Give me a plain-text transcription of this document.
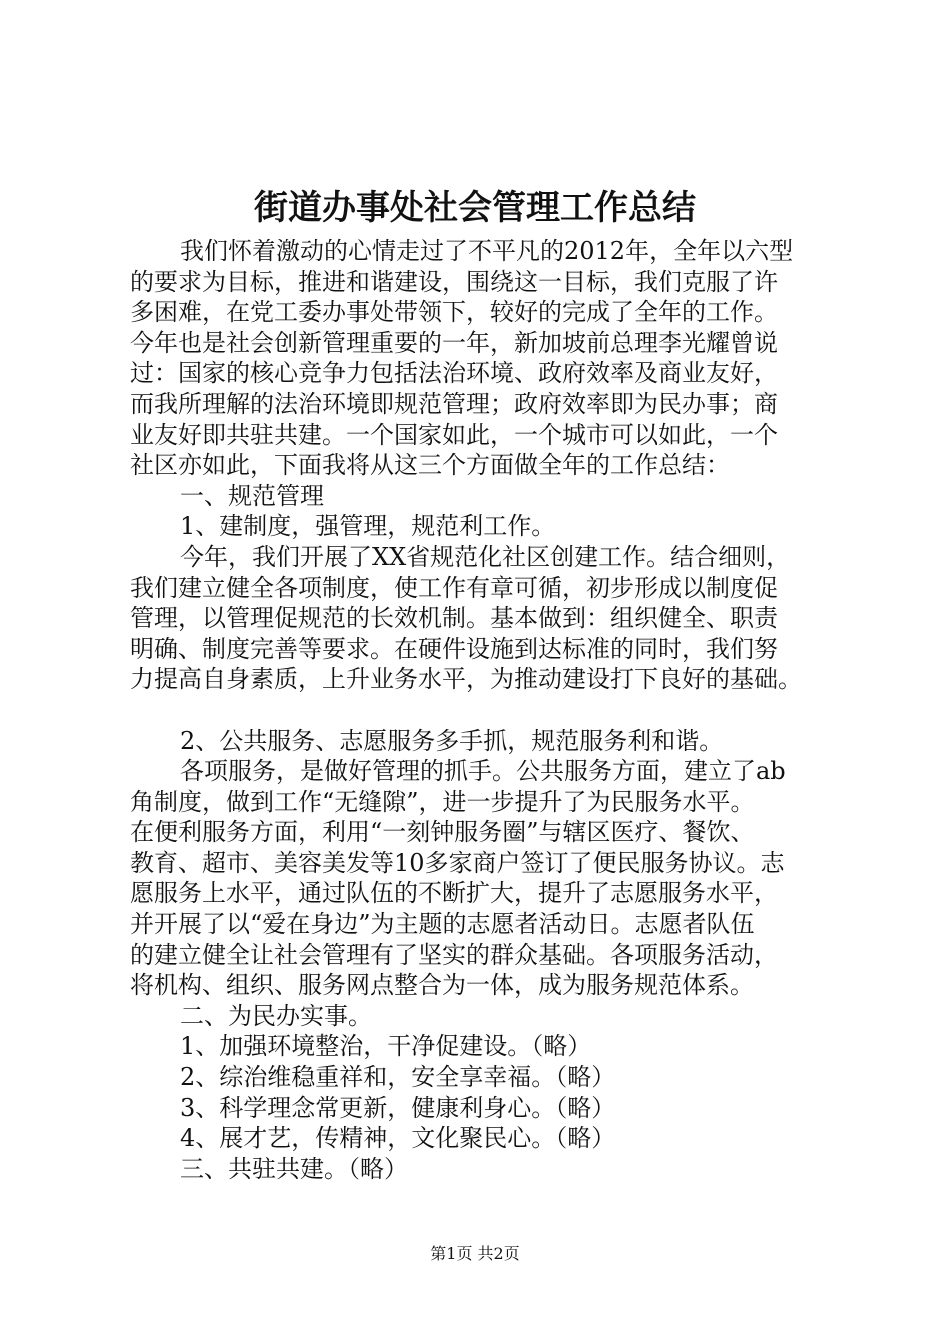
街道办事处社会管理工作总结
我们怀着激动的心情走过了不平凡的2012年，全年以六型
的要求为目标，推进和谐建设，围绕这一目标，我们克服了许
多困难，在党工委办事处带领下，较好的完成了全年的工作。
今年也是社会创新管理重要的一年，新加坡前总理李光耀曾说
过：国家的核心竞争力包括法治环境、政府效率及商业友好，
而我所理解的法治环境即规范管理；政府效率即为民办事；商
业友好即共驻共建。一个国家如此，一个城市可以如此，一个
社区亦如此，下面我将从这三个方面做全年的工作总结：
一、规范管理
1、建制度，强管理，规范利工作。
今年，我们开展了XX省规范化社区创建工作。结合细则，
我们建立健全各项制度，使工作有章可循，初步形成以制度促
管理，以管理促规范的长效机制。基本做到：组织健全、职责
明确、制度完善等要求。在硬件设施到达标准的同时，我们努
力提高自身素质，上升业务水平，为推动建设打下良好的基础。
2、公共服务、志愿服务多手抓，规范服务利和谐。
各项服务，是做好管理的抓手。公共服务方面，建立了ab
角制度，做到工作“无缝隙”，进一步提升了为民服务水平。
在便利服务方面，利用“一刻钟服务圈”与辖区医疗、餐饮、
教育、超市、美容美发等10多家商户签订了便民服务协议。志
愿服务上水平，通过队伍的不断扩大，提升了志愿服务水平，
并开展了以“爱在身边”为主题的志愿者活动日。志愿者队伍
的建立健全让社会管理有了坚实的群众基础。各项服务活动，
将机构、组织、服务网点整合为一体，成为服务规范体系。
二、为民办实事。
1、加强环境整治，干净促建设。（略）
2、综治维稳重祥和，安全享幸福。（略）
3、科学理念常更新，健康利身心。（略）
4、展才艺，传精神，文化聚民心。（略）
三、共驻共建。（略）
第1页 共2页
